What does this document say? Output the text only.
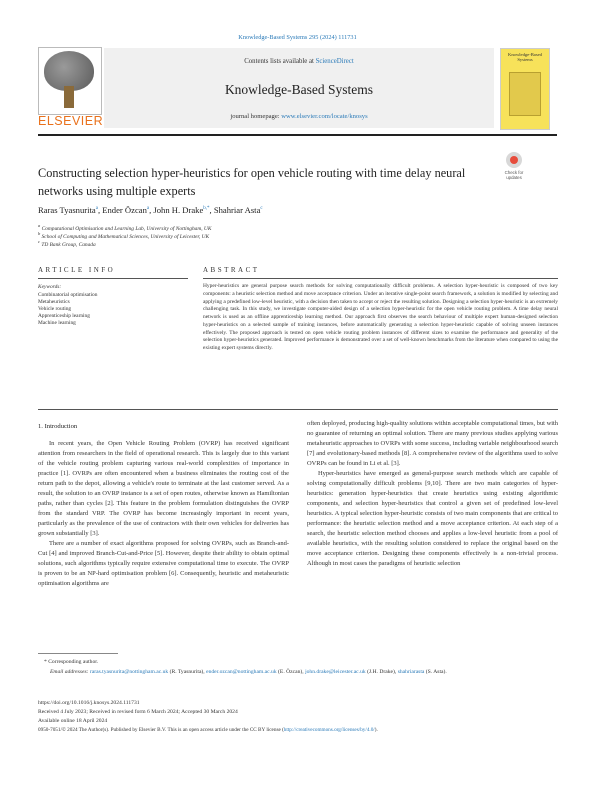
Knowledge-Based Systems 295 (2024) 111731
ELSEVIER
Contents lists available at ScienceDirect
Knowledge-Based Systems
journal homepage: www.elsevier.com/locate/knosys
Knowledge-Based Systems
Check for updates
Constructing selection hyper-heuristics for open vehicle routing with time delay neural networks using multiple experts
Raras Tyasnurita$^a$, Ender Özcan$^a$, John H. Drake$^{b,*}$, Shahriar Asta$^c$
$^a$ Computational Optimisation and Learning Lab, University of Nottingham, UK
$^b$ School of Computing and Mathematical Sciences, University of Leicester, UK
$^c$ TD Bank Group, Canada
ARTICLE INFO
Keywords:
Combinatorial optimisation
Metaheuristics
Vehicle routing
Apprenticeship learning
Machine learning
ABSTRACT
Hyper-heuristics are general purpose search methods for solving computationally difficult problems. A selection hyper-heuristic is composed of two key components: a heuristic selection method and move acceptance criterion. Under an iterative single-point search framework, a solution is modified by selecting and applying a predefined low-level heuristic, with a decision then taken to accept or reject the resulting solution. Designing a selection hyper-heuristic is an extremely challenging task. In this study, we investigate computer-aided design of a selection hyper-heuristic for the open vehicle routing problem. A time delay neural network is used as an offline apprenticeship learning method. Our approach first observes the search behaviour of multiple expert human-designed selection hyper-heuristics on a selected sample of training instances, before automatically generating a selection hyper-heuristic capable of solving unseen instances effectively. The proposed approach is tested on open vehicle routing problem instances of different sizes to examine the performance and generality of the selection hyper-heuristics generated. Improved performance is demonstrated over a set of well-known benchmarks from the literature when compared to using the existing expert systems directly.
1. Introduction

In recent years, the Open Vehicle Routing Problem (OVRP) has received significant attention from researchers in the field of operational research. This is largely due to this variant of the vehicle routing problem capturing various real-world complexities of importance in practice [1]. OVRPs are often encountered when a business eliminates the routing cost of the return path to the depot, allowing a vehicle's route to terminate at the last customer served. As a result, the solution to an OVRP instance is a set of open routes, otherwise known as Hamiltonian paths, rather than cycles [2]. This feature in the problem formulation distinguishes the OVRP from the standard VRP. The OVRP has become increasingly important in recent years, particularly as the prevalence of the use of contractors with their own vehicles for deliveries has grown substantially [3].

There are a number of exact algorithms proposed for solving OVRPs, such as Branch-and-Cut [4] and improved Branch-Cut-and-Price [5]. However, despite their ability to obtain optimal solutions, such algorithms typically require extensive computational time to execute. The OVRP is proven to be an NP-hard optimisation problem [6]. Consequently, heuristic and metaheuristic optimisation algorithms are

often deployed, producing high-quality solutions within acceptable computational times, but with no guarantee of returning an optimal solution. There are many previous studies applying various metaheuristic approaches to OVRPs with some success, including variable neighbourhood search [7] and evolutionary-based methods [8]. A comprehensive review of the algorithms used to solve OVRPs can be found in Li et al. [3].

Hyper-heuristics have emerged as general-purpose search methods which are capable of solving computationally difficult problems [9,10]. There are two main categories of hyper-heuristics: generation hyper-heuristics that create heuristics using existing algorithmic components, and selection hyper-heuristics that control a given set of predefined low-level heuristics. A typical selection hyper-heuristic consists of two main components that are critical to performance: the heuristic selection method and a move acceptance criterion. At each step of a search, the heuristic selection method chooses and applies a low-level heuristic from a pool of available heuristics, with the resulting solution considered to replace the original based on the move acceptance criterion. Designing these components effectively is a non-trivial process. Although in most cases the paradigms of heuristic selection

* Corresponding author.
Email addresses: raras.tyasnurita@nottingham.ac.uk (R. Tyasnurita), ender.ozcan@nottingham.ac.uk (E. Özcan), john.drake@leicester.ac.uk (J.H. Drake), shahriarasta (S. Asta).
https://doi.org/10.1016/j.knosys.2024.111731
Received 4 July 2023; Received in revised form 6 March 2024; Accepted 30 March 2024
Available online 18 April 2024
0950-7051/© 2024 The Author(s). Published by Elsevier B.V. This is an open access article under the CC BY license (http://creativecommons.org/licenses/by/4.0/).
